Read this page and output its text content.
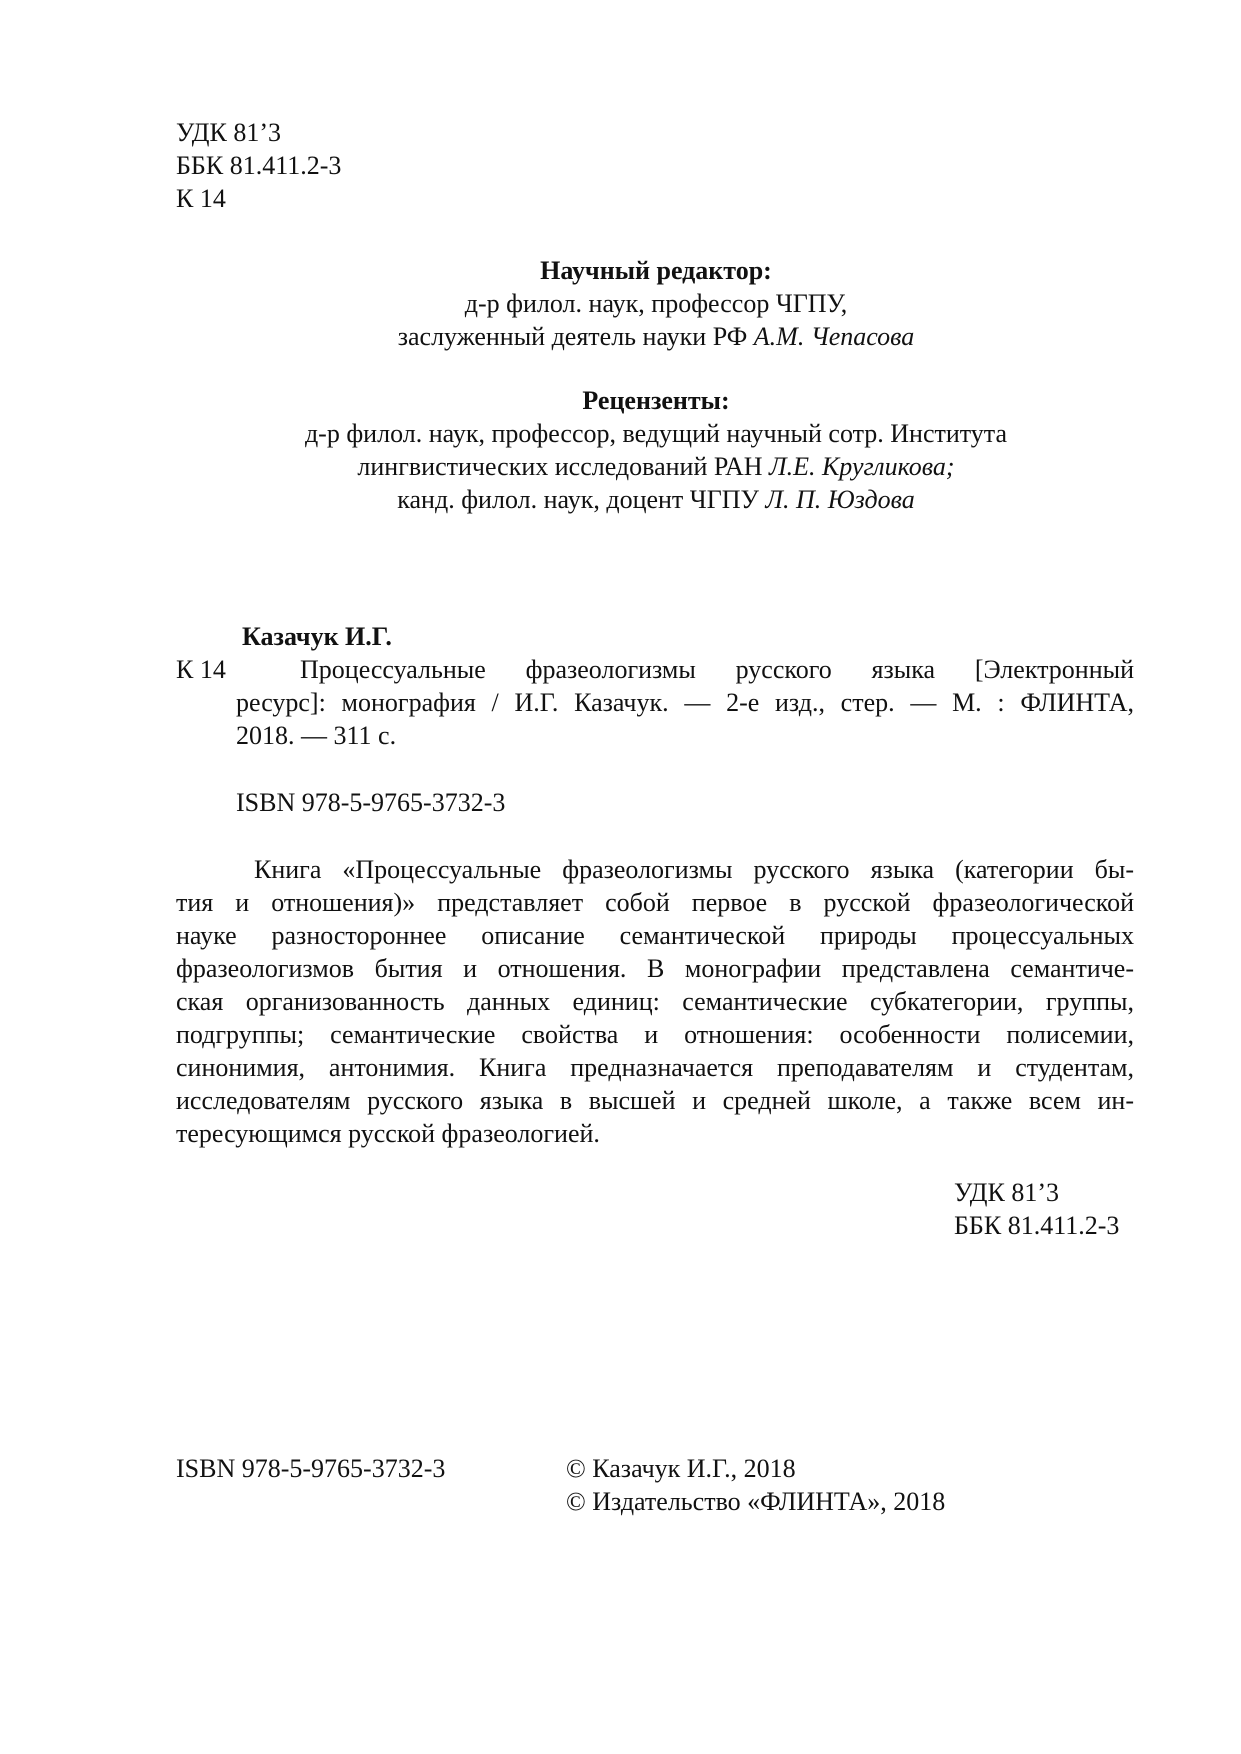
УДК 81’3
ББК 81.411.2-3
К 14
Научный редактор:
д-р филол. наук, профессор ЧГПУ,
заслуженный деятель науки РФ А.М. Чепасова
Рецензенты:
д-р филол. наук, профессор, ведущий научный сотр. Института
лингвистических исследований РАН Л.Е. Кругликова;
канд. филол. наук, доцент ЧГПУ Л. П. Юздова
Казачук И.Г.
К 14	Процессуальные фразеологизмы русского языка [Электронный
ресурс]: монография / И.Г. Казачук. — 2-е изд., стер. — М. : ФЛИНТА,
2018. — 311 с.
ISBN 978-5-9765-3732-3
Книга «Процессуальные фразеологизмы русского языка (категории бы-
тия и отношения)» представляет собой первое в русской фразеологической
науке разностороннее описание семантической природы процессуальных
фразеологизмов бытия и отношения. В монографии представлена семантиче-
ская организованность данных единиц: семантические субкатегории, группы,
подгруппы; семантические свойства и отношения: особенности полисемии,
синонимия, антонимия. Книга предназначается преподавателям и студентам,
исследователям русского языка в высшей и средней школе, а также всем ин-
тересующимся русской фразеологией.
УДК 81’3
ББК 81.411.2-3
ISBN 978-5-9765-3732-3	© Казачук И.Г., 2018
© Издательство «ФЛИНТА», 2018
